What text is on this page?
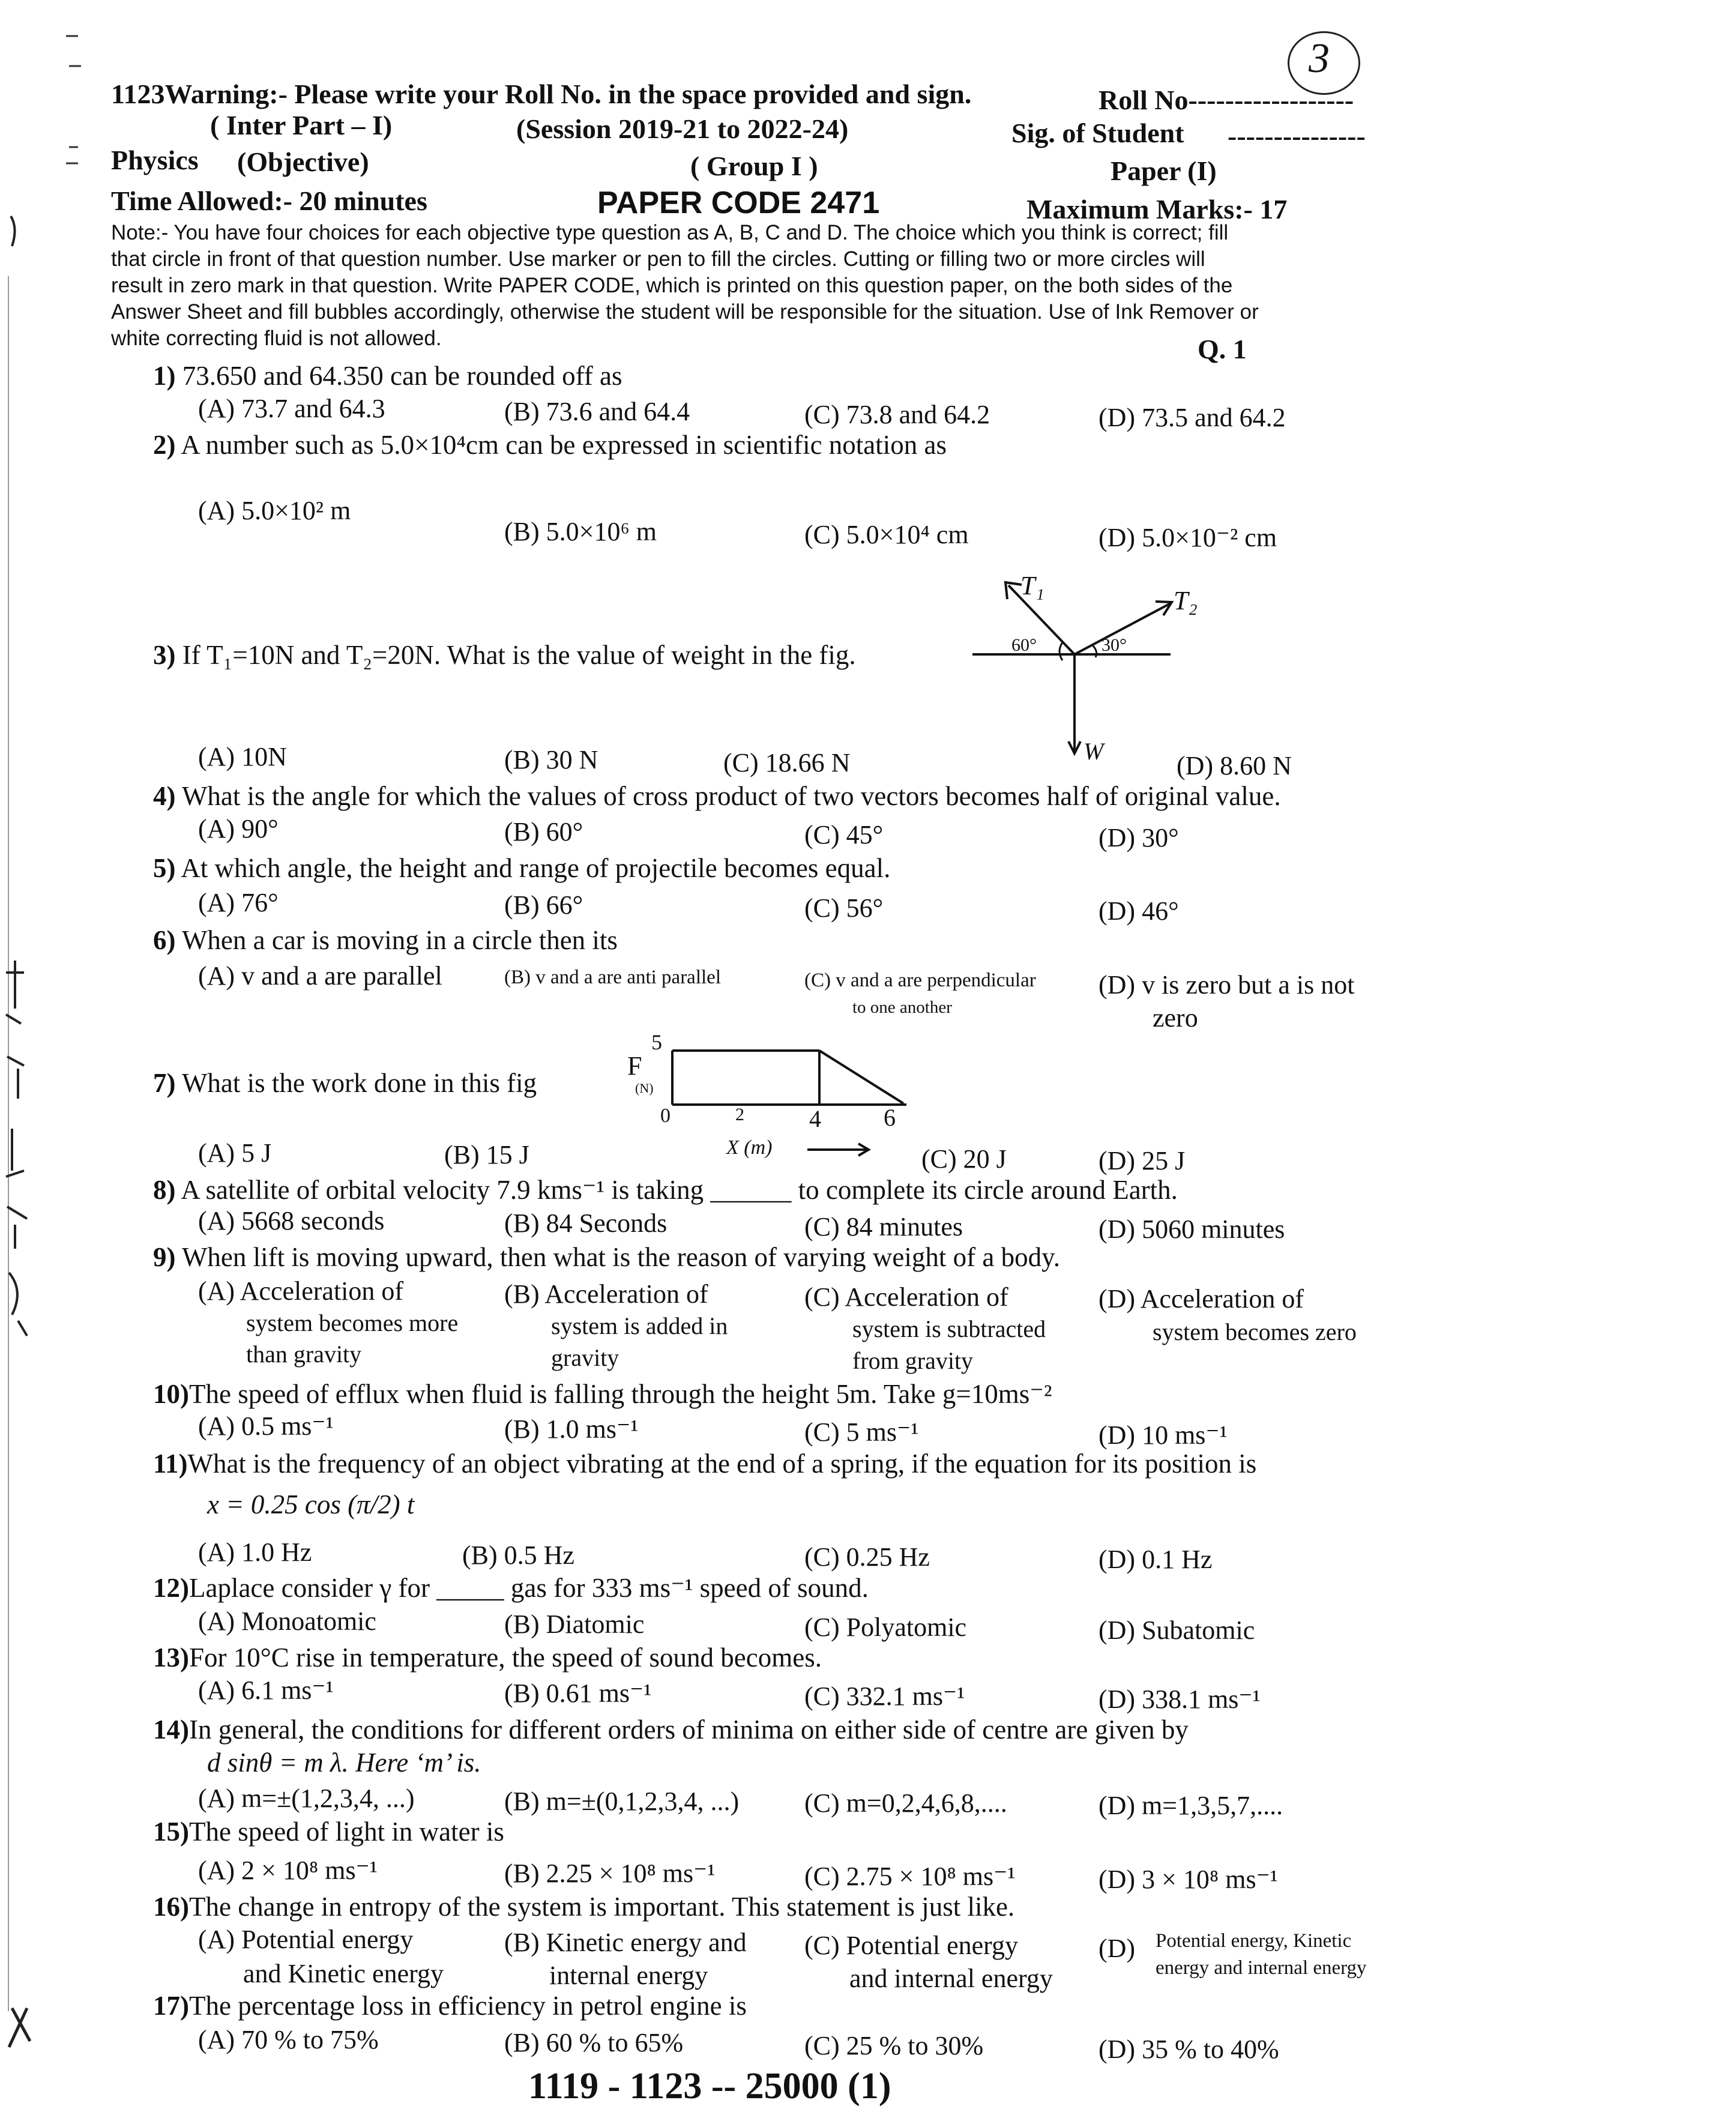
1123Warning:- Please write your Roll No. in the space provided and sign.	Roll No------------------
3
( Inter Part – I)	(Session 2019-21 to 2022-24)	Sig. of Student ---------------
Physics (Objective)	( Group I )	Paper (I)
Time Allowed:- 20 minutes	PAPER CODE 2471	Maximum Marks:- 17
Note:- You have four choices for each objective type question as A, B, C and D. The choice which you think is correct; fill
that circle in front of that question number. Use marker or pen to fill the circles. Cutting or filling two or more circles will
result in zero mark in that question. Write PAPER CODE, which is printed on this question paper, on the both sides of the
Answer Sheet and fill bubbles accordingly, otherwise the student will be responsible for the situation. Use of Ink Remover or
white correcting fluid is not allowed.	Q. 1
1) 73.650 and 64.350 can be rounded off as
(A) 73.7 and 64.3	(B) 73.6 and 64.4	(C) 73.8 and 64.2	(D) 73.5 and 64.2
2) A number such as 5.0×10⁴cm can be expressed in scientific notation as
(A) 5.0×10² m
(B) 5.0×10⁶ m	(C) 5.0×10⁴ cm	(D) 5.0×10⁻² cm
3) If T₁=10N and T₂=20N. What is the value of weight in the fig.
T₁
T₂
60°	30°
W
(A) 10N	(B) 30 N	(C) 18.66 N	(D) 8.60 N
4) What is the angle for which the values of cross product of two vectors becomes half of original value.
(A) 90°	(B) 60°	(C) 45°	(D) 30°
5) At which angle, the height and range of projectile becomes equal.
(A) 76°	(B) 66°	(C) 56°	(D) 46°
6) When a car is moving in a circle then its
(A) v and a are parallel	(B) v and a are anti parallel	(C) v and a are perpendicular
to one another
(D) v is zero but a is not
zero
7) What is the work done in this fig
5
F
(N)
0	2	4	6
X (m)
(A) 5 J	(B) 15 J	(C) 20 J	(D) 25 J
8) A satellite of orbital velocity 7.9 kms⁻¹ is taking ______ to complete its circle around Earth.
(A) 5668 seconds	(B) 84 Seconds	(C) 84 minutes	(D) 5060 minutes
9) When lift is moving upward, then what is the reason of varying weight of a body.
(A) Acceleration of
system becomes more
than gravity
(B) Acceleration of
system is added in
gravity
(C) Acceleration of
system is subtracted
from gravity
(D) Acceleration of
system becomes zero
10)The speed of efflux when fluid is falling through the height 5m. Take g=10ms⁻²
(A) 0.5 ms⁻¹	(B) 1.0 ms⁻¹	(C) 5 ms⁻¹	(D) 10 ms⁻¹
11)What is the frequency of an object vibrating at the end of a spring, if the equation for its position is
x = 0.25 cos (π/2) t
(A) 1.0 Hz	(B) 0.5 Hz	(C) 0.25 Hz	(D) 0.1 Hz
12)Laplace consider γ for _____ gas for 333 ms⁻¹ speed of sound.
(A) Monoatomic	(B) Diatomic	(C) Polyatomic	(D) Subatomic
13)For 10°C rise in temperature, the speed of sound becomes.
(A) 6.1 ms⁻¹	(B) 0.61 ms⁻¹	(C) 332.1 ms⁻¹	(D) 338.1 ms⁻¹
14)In general, the conditions for different orders of minima on either side of centre are given by
d sinθ = m λ. Here ‘m’ is.
(A) m=±(1,2,3,4, ...)	(B) m=±(0,1,2,3,4, ...) (C) m=0,2,4,6,8,....	(D) m=1,3,5,7,....
15)The speed of light in water is
(A) 2 × 10⁸ ms⁻¹	(B) 2.25 × 10⁸ ms⁻¹	(C) 2.75 × 10⁸ ms⁻¹	(D) 3 × 10⁸ ms⁻¹
16)The change in entropy of the system is important. This statement is just like.
(A) Potential energy
and Kinetic energy
(B) Kinetic energy and
internal energy
(C) Potential energy
and internal energy
(D) Potential energy, Kinetic
energy and internal energy
17)The percentage loss in efficiency in petrol engine is
(A) 70 % to 75%	(B) 60 % to 65%	(C) 25 % to 30%	(D) 35 % to 40%
1119 - 1123 -- 25000 (1)
